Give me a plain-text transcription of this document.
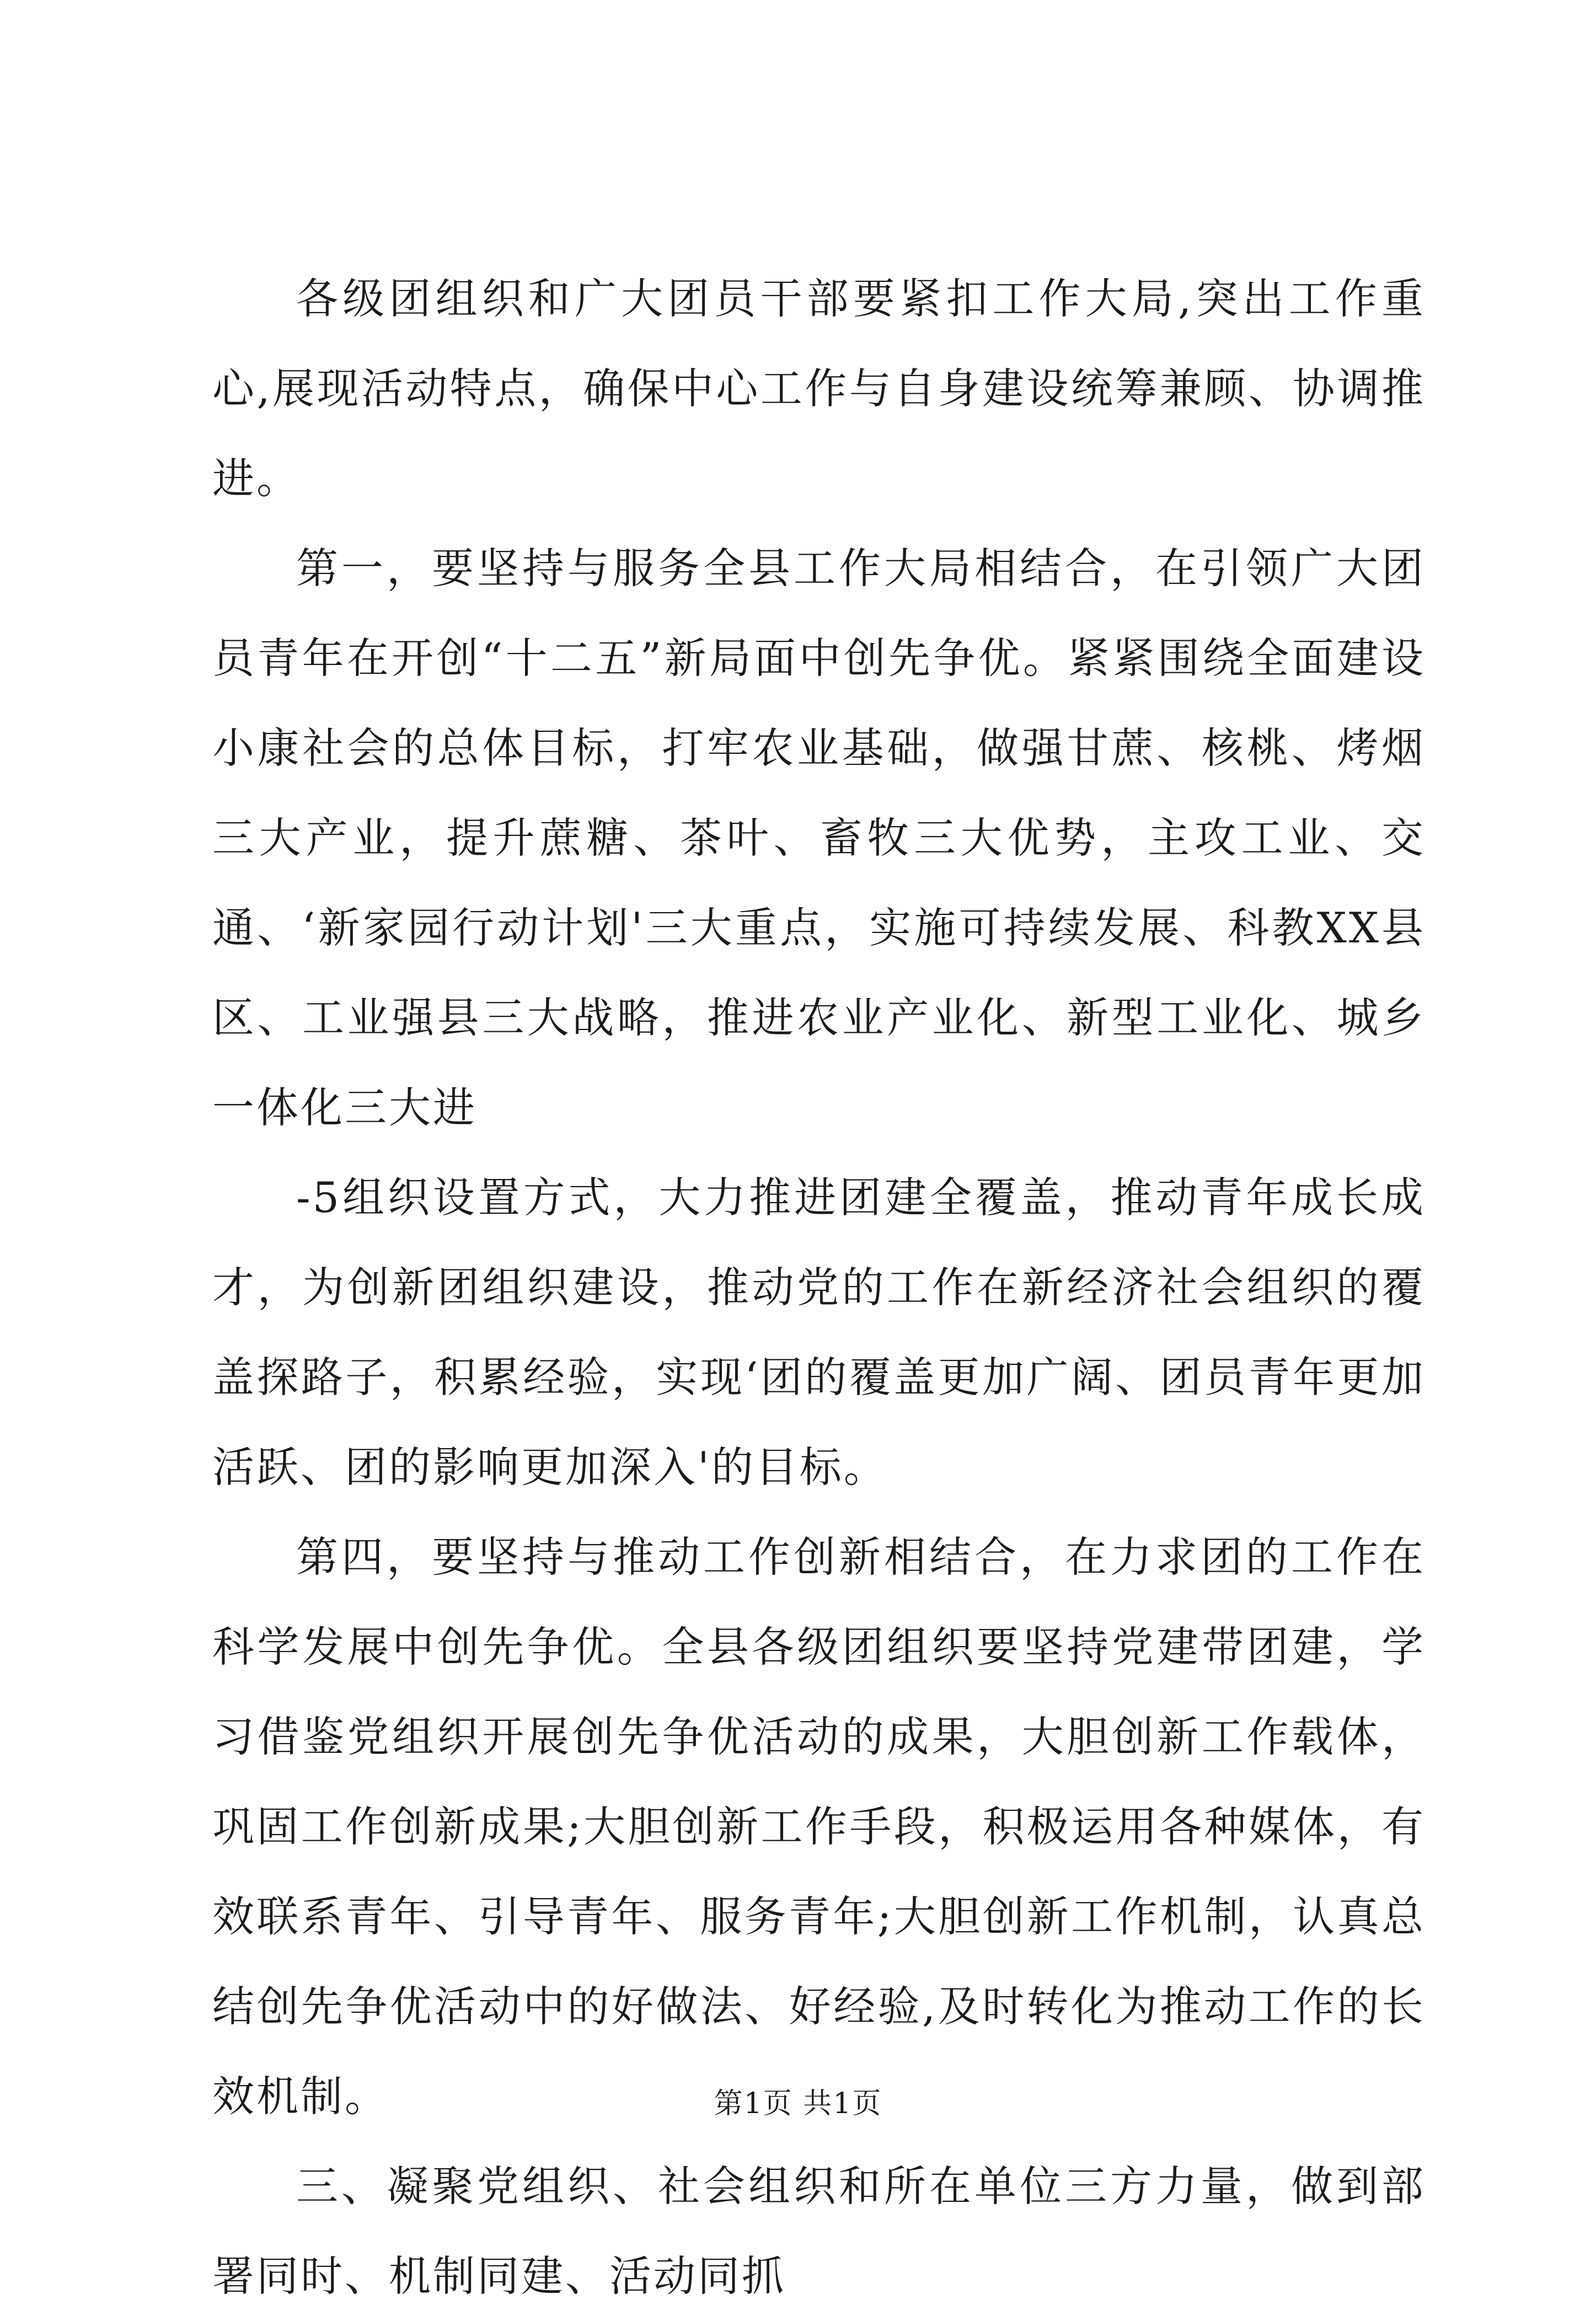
各级团组织和广大团员干部要紧扣工作大局,突出工作重心,展现活动特点，确保中心工作与自身建设统筹兼顾、协调推进。

第一，要坚持与服务全县工作大局相结合，在引领广大团员青年在开创“十二五”新局面中创先争优。紧紧围绕全面建设小康社会的总体目标，打牢农业基础，做强甘蔗、核桃、烤烟三大产业，提升蔗糖、茶叶、畜牧三大优势，主攻工业、交通、‘新家园行动计划'三大重点，实施可持续发展、科教XX县区、工业强县三大战略，推进农业产业化、新型工业化、城乡一体化三大进

-5组织设置方式，大力推进团建全覆盖，推动青年成长成才，为创新团组织建设，推动党的工作在新经济社会组织的覆盖探路子，积累经验，实现‘团的覆盖更加广阔、团员青年更加活跃、团的影响更加深入'的目标。

第四，要坚持与推动工作创新相结合，在力求团的工作在科学发展中创先争优。全县各级团组织要坚持党建带团建，学习借鉴党组织开展创先争优活动的成果，大胆创新工作载体，巩固工作创新成果;大胆创新工作手段，积极运用各种媒体，有效联系青年、引导青年、服务青年;大胆创新工作机制，认真总结创先争优活动中的好做法、好经验,及时转化为推动工作的长效机制。

三、凝聚党组织、社会组织和所在单位三方力量，做到部署同时、机制同建、活动同抓

第1页 共1页
